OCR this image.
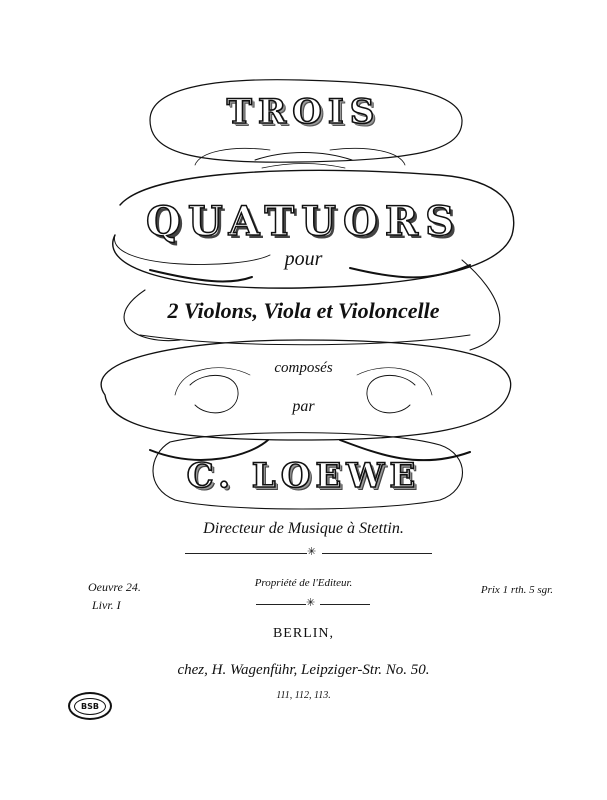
TROIS
QUATUORS
pour
2 Violons, Viola et Violoncelle
composés
par
C. LOEWE
Directeur de Musique à Stettin.
✳
Oeuvre 24.
Livr. I
Propriété de l'Editeur.
Prix 1 rth. 5 sgr.
✳
BERLIN,
chez, H. Wagenführ, Leipziger-Str. No. 50.
111, 112, 113.
BSB
